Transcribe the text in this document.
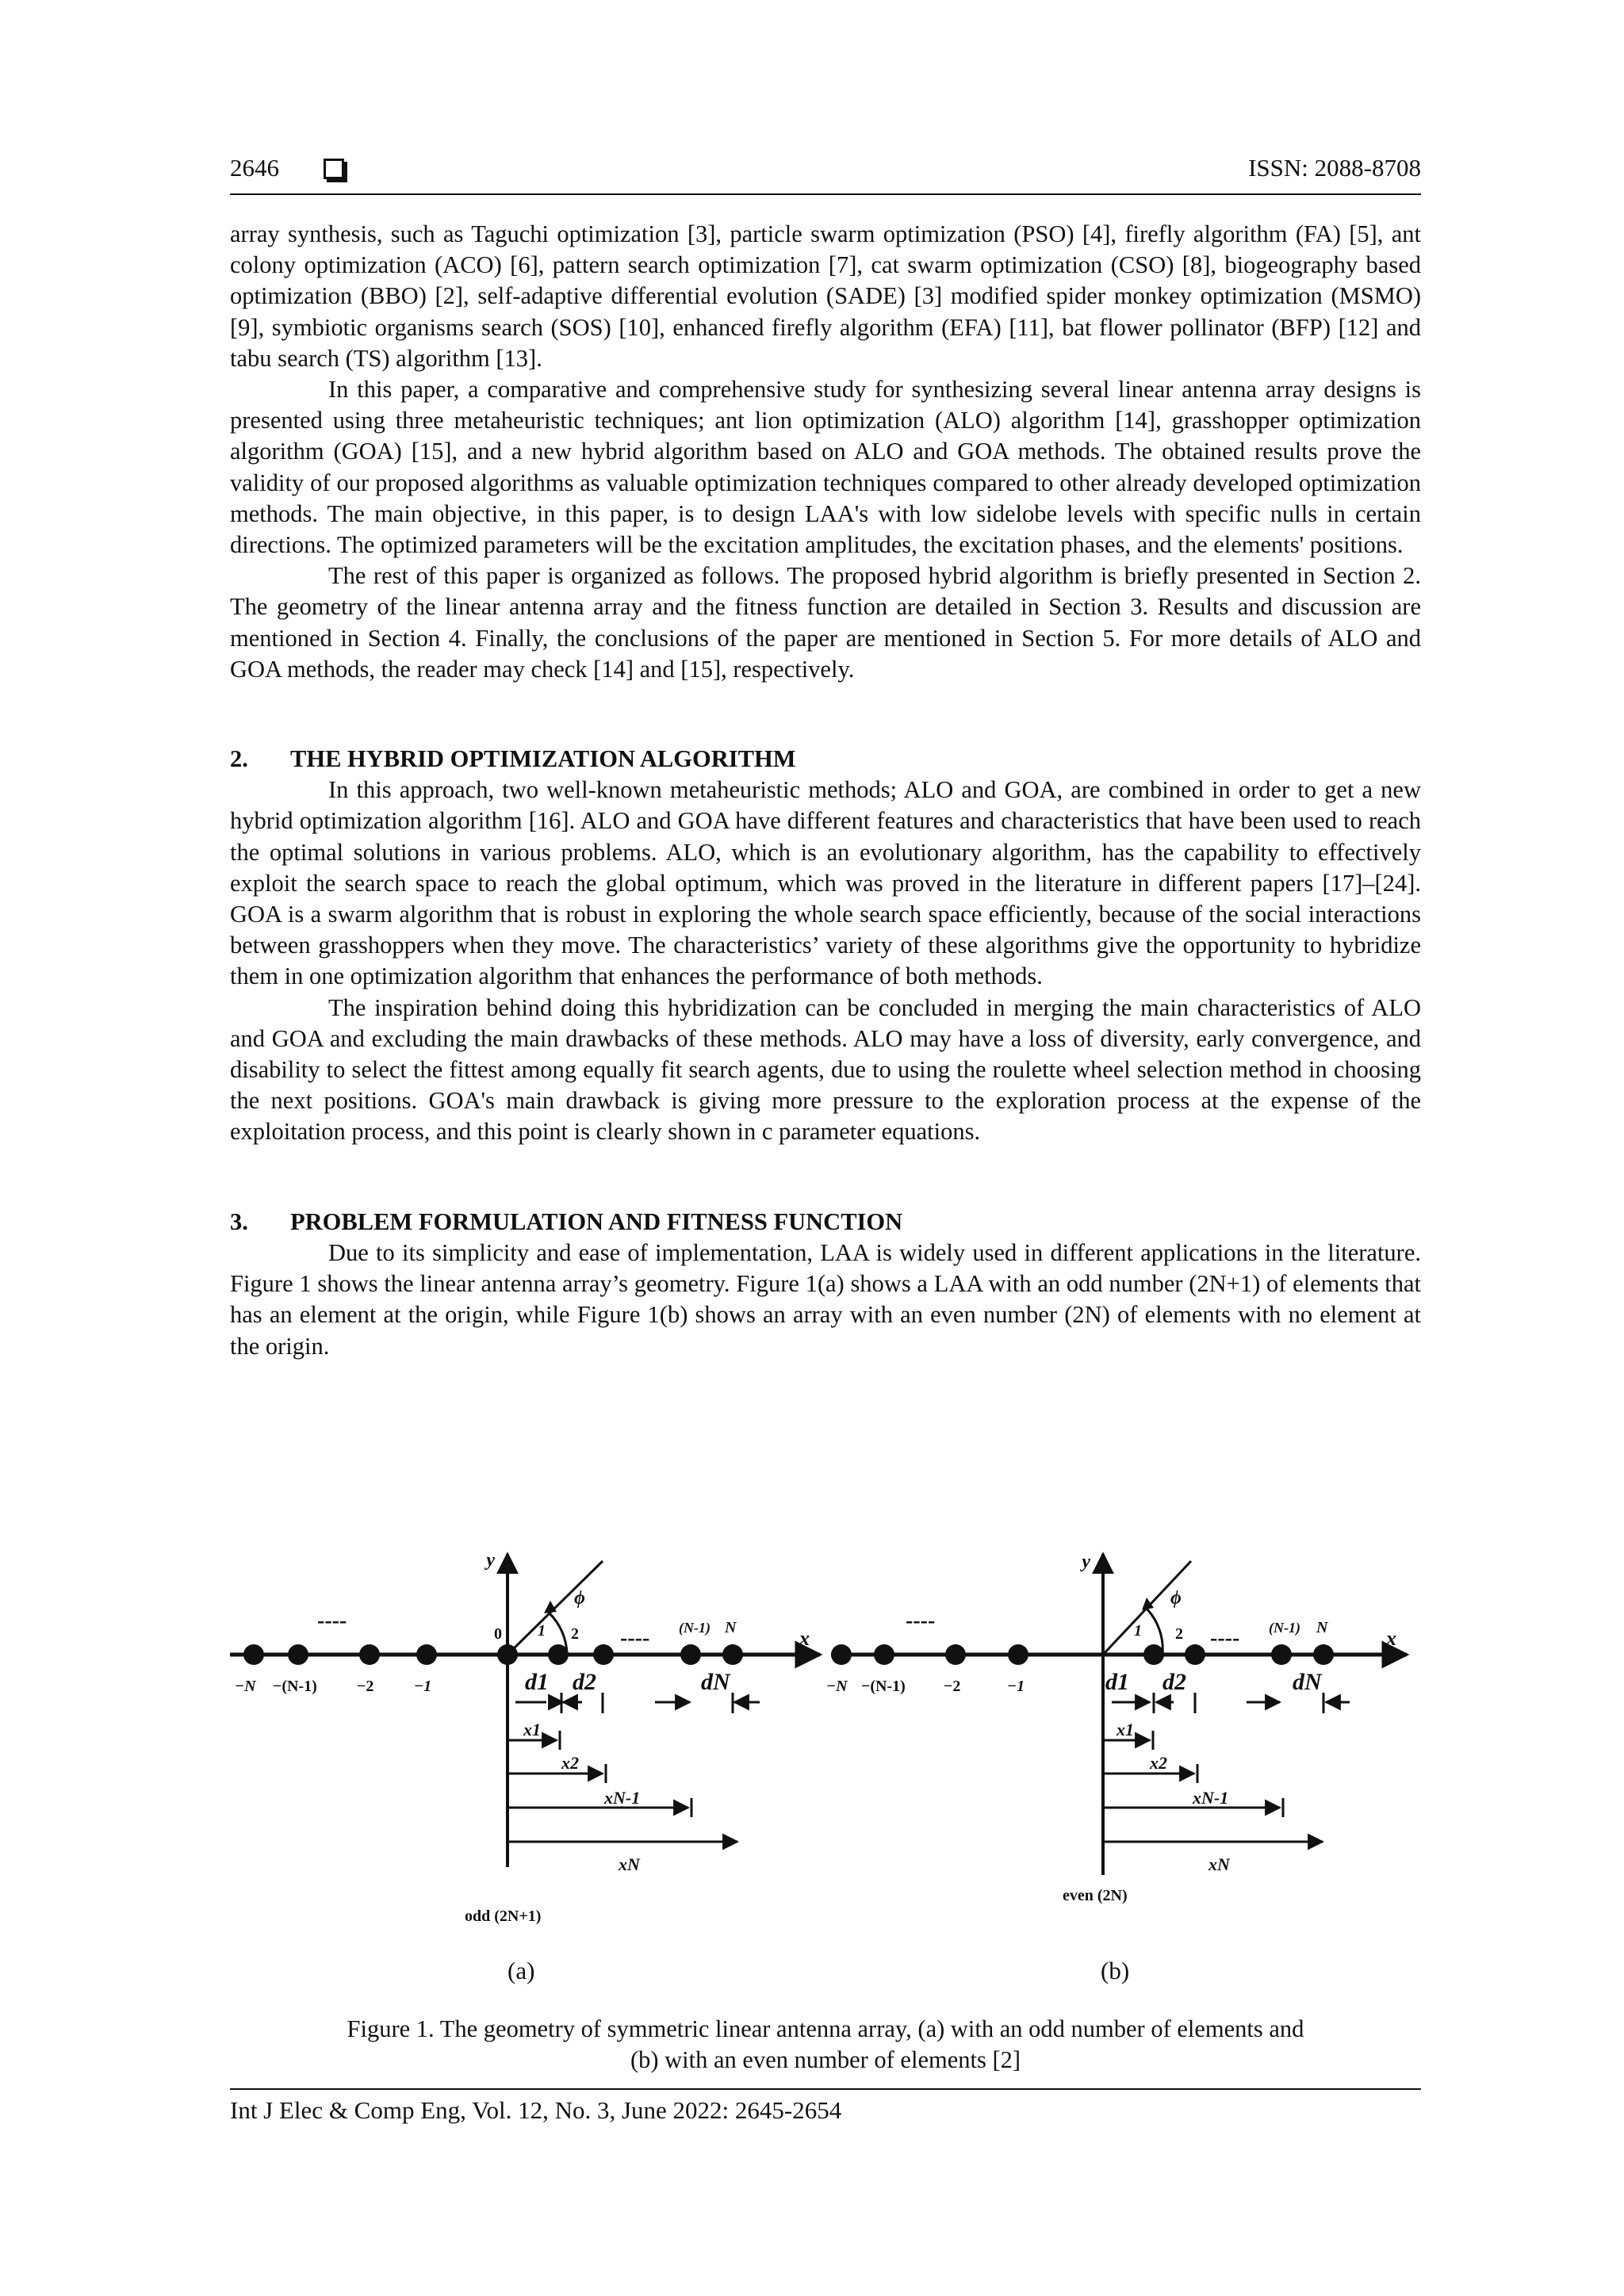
2646	ISSN: 2088-8708

array synthesis, such as Taguchi optimization [3], particle swarm optimization (PSO) [4], firefly algorithm (FA) [5], ant colony optimization (ACO) [6], pattern search optimization [7], cat swarm optimization (CSO) [8], biogeography based optimization (BBO) [2], self-adaptive differential evolution (SADE) [3] modified spider monkey optimization (MSMO) [9], symbiotic organisms search (SOS) [10], enhanced firefly algorithm (EFA) [11], bat flower pollinator (BFP) [12] and tabu search (TS) algorithm [13].

In this paper, a comparative and comprehensive study for synthesizing several linear antenna array designs is presented using three metaheuristic techniques; ant lion optimization (ALO) algorithm [14], grasshopper optimization algorithm (GOA) [15], and a new hybrid algorithm based on ALO and GOA methods. The obtained results prove the validity of our proposed algorithms as valuable optimization techniques compared to other already developed optimization methods. The main objective, in this paper, is to design LAA's with low sidelobe levels with specific nulls in certain directions. The optimized parameters will be the excitation amplitudes, the excitation phases, and the elements' positions.

The rest of this paper is organized as follows. The proposed hybrid algorithm is briefly presented in Section 2. The geometry of the linear antenna array and the fitness function are detailed in Section 3. Results and discussion are mentioned in Section 4. Finally, the conclusions of the paper are mentioned in Section 5. For more details of ALO and GOA methods, the reader may check [14] and [15], respectively.

2. THE HYBRID OPTIMIZATION ALGORITHM

In this approach, two well-known metaheuristic methods; ALO and GOA, are combined in order to get a new hybrid optimization algorithm [16]. ALO and GOA have different features and characteristics that have been used to reach the optimal solutions in various problems. ALO, which is an evolutionary algorithm, has the capability to effectively exploit the search space to reach the global optimum, which was proved in the literature in different papers [17]–[24]. GOA is a swarm algorithm that is robust in exploring the whole search space efficiently, because of the social interactions between grasshoppers when they move. The characteristics’ variety of these algorithms give the opportunity to hybridize them in one optimization algorithm that enhances the performance of both methods.

The inspiration behind doing this hybridization can be concluded in merging the main characteristics of ALO and GOA and excluding the main drawbacks of these methods. ALO may have a loss of diversity, early convergence, and disability to select the fittest among equally fit search agents, due to using the roulette wheel selection method in choosing the next positions. GOA's main drawback is giving more pressure to the exploration process at the expense of the exploitation process, and this point is clearly shown in c parameter equations.

3. PROBLEM FORMULATION AND FITNESS FUNCTION

Due to its simplicity and ease of implementation, LAA is widely used in different applications in the literature. Figure 1 shows the linear antenna array’s geometry. Figure 1(a) shows a LAA with an odd number (2N+1) of elements that has an element at the origin, while Figure 1(b) shows an array with an even number (2N) of elements with no element at the origin.

y
x
0
----
----
ϕ
−N −(N-1)	−2	−1
1 2	(N-1) N
d1 d2	dN
x1
x2
xN-1
xN
odd (2N+1)
y
x
----
----
ϕ
−N −(N-1) −2	−1
1 2	(N-1) N
d1 d2	dN
x1
x2
xN-1
xN
even (2N)
(a)	(b)
Figure 1. The geometry of symmetric linear antenna array, (a) with an odd number of elements and
(b) with an even number of elements [2]
Int J Elec & Comp Eng, Vol. 12, No. 3, June 2022: 2645-2654
